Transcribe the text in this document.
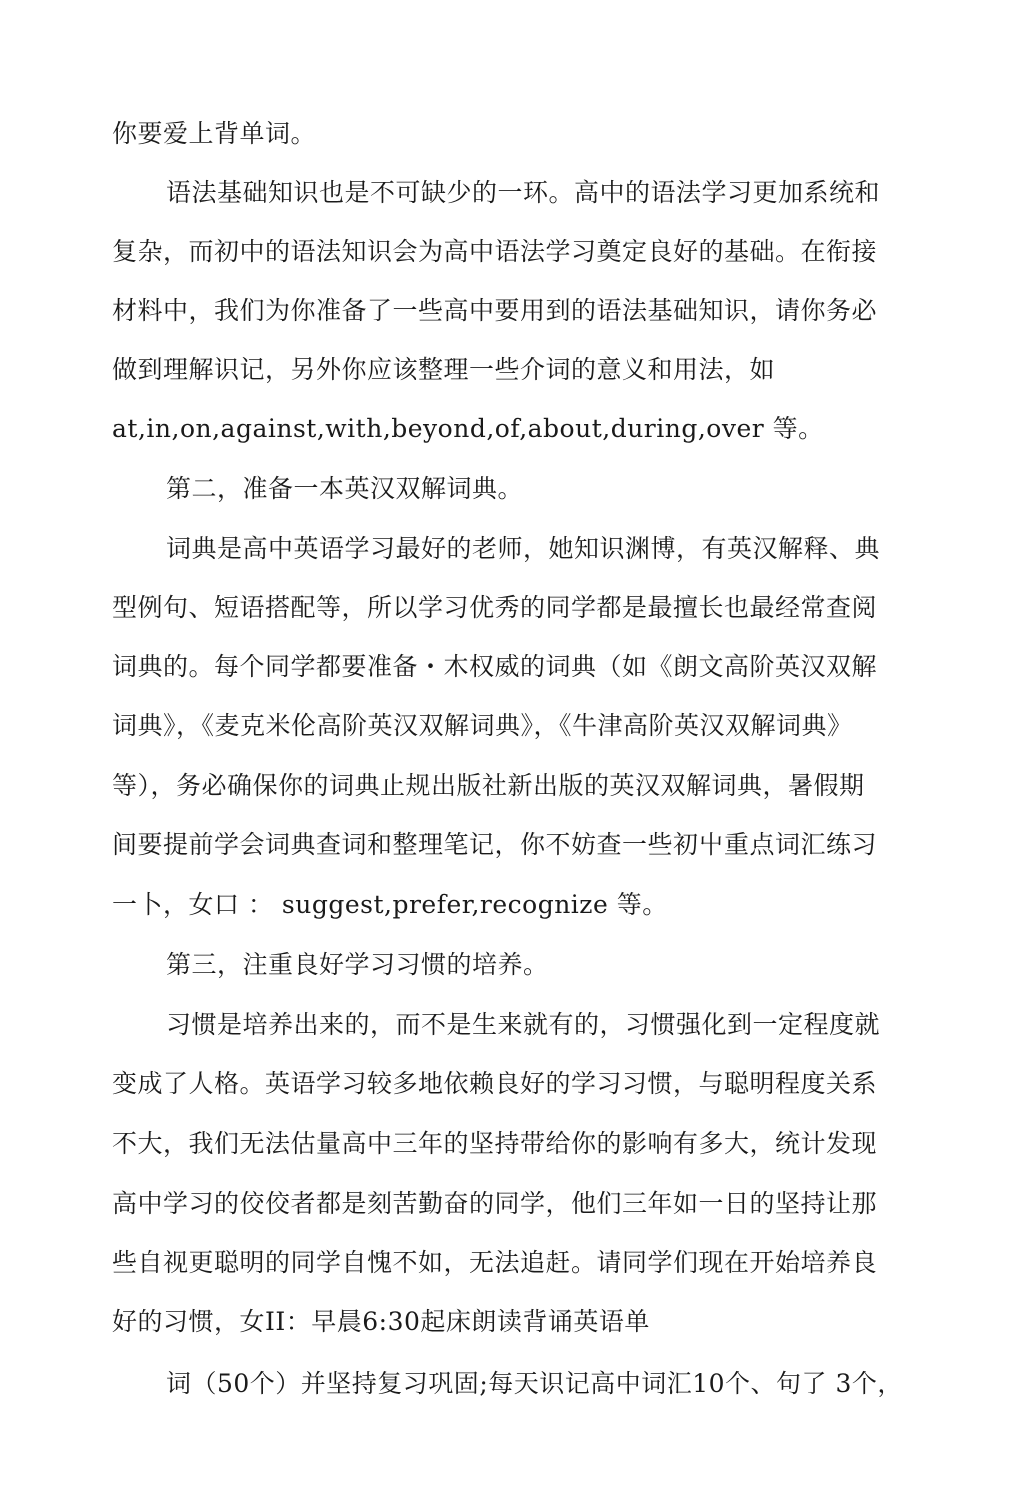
你要爱上背单词。
语法基础知识也是不可缺少的一环。高中的语法学习更加系统和
复杂，而初中的语法知识会为高中语法学习奠定良好的基础。在衔接
材料中，我们为你准备了一些高中要用到的语法基础知识，请你务必
做到理解识记，另外你应该整理一些介词的意义和用法，如
at,in,on,against,with,beyond,of,about,during,over 等。
第二，准备一本英汉双解词典。
词典是高中英语学习最好的老师，她知识渊博，有英汉解释、典
型例句、短语搭配等，所以学习优秀的同学都是最擅长也最经常查阅
词典的。每个同学都要准备・木权威的词典（如《朗文高阶英汉双解
词典》，《麦克米伦高阶英汉双解词典》，《牛津高阶英汉双解词典》
等），务必确保你的词典止规出版社新出版的英汉双解词典，暑假期
间要提前学会词典查词和整理笔记，你不妨查一些初屮重点词汇练习
一卜，女口 ： suggest,prefer,recognize 等。
第三，注重良好学习习惯的培养。
习惯是培养出来的，而不是生来就有的，习惯强化到一定程度就
变成了人格。英语学习较多地依赖良好的学习习惯，与聪明程度关系
不大，我们无法估量高中三年的坚持带给你的影响有多大，统计发现
高中学习的佼佼者都是刻苦勤奋的同学，他们三年如一日的坚持让那
些自视更聪明的同学自愧不如，无法追赶。请同学们现在开始培养良
好的习惯，女II：早晨6:30起床朗读背诵英语单
词（50个）并坚持复习巩固;每天识记高中词汇10个、句了 3个，
